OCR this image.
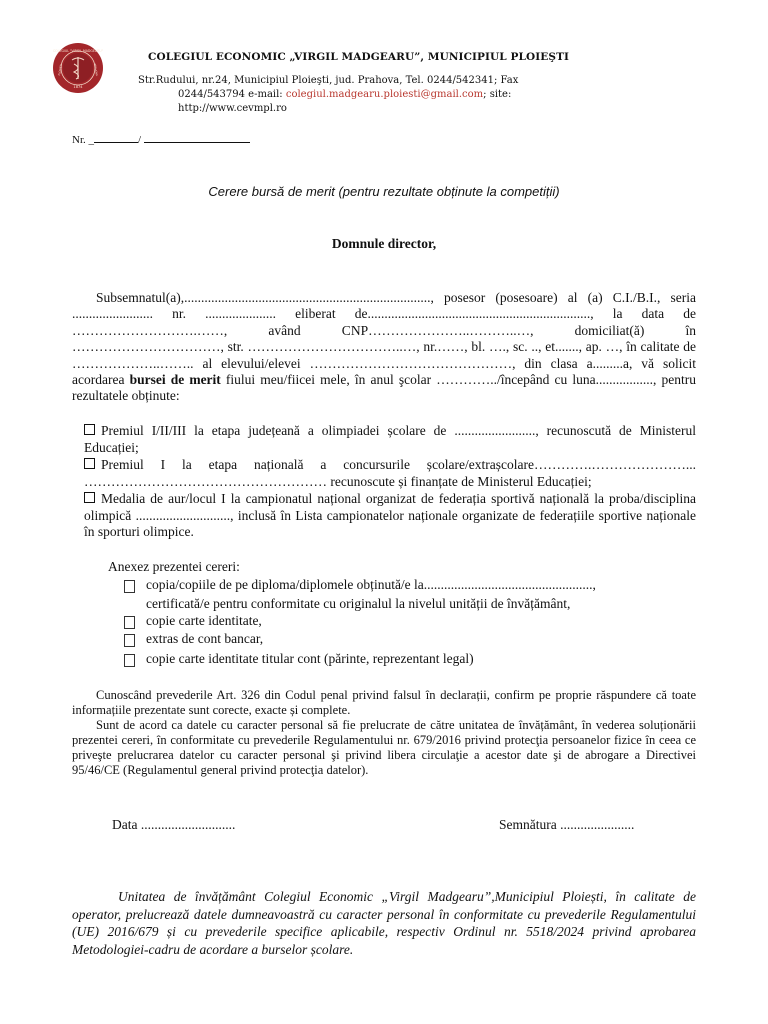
COLEGIUL "VIRGIL MADGEARU"
PLOIEŞTI	PRAHOVA
1874
COLEGIUL ECONOMIC „VIRGIL MADGEARU”, MUNICIPIUL PLOIEŞTI
Str.Rudului, nr.24, Municipiul Ploieşti, jud. Prahova, Tel. 0244/542341; Fax
0244/543794 e-mail: colegiul.madgearu.ploiesti@gmail.com; site:
http://www.cevmpl.ro
Nr. _	/
Cerere bursă de merit (pentru rezultate obținute la competiții)
Domnule director,
Subsemnatul(a),........................................................................., posesor (posesoare) al (a) C.I./B.I., seria ........................ nr. ..................... eliberat de.................................................................., la data de ……………………….……, având CNP…………………..………..…, domiciliat(ă) în ……………………………, str. ……………………………..…, nr.……, bl. …., sc. .., et......., ap. …, în calitate de ………………..…….. al elevului/elevei ………………………………………, din clasa a.........a, vă solicit acordarea bursei de merit fiului meu/fiicei mele, în anul şcolar …………../începând cu luna................., pentru rezultatele obținute:
Premiul I/II/III la etapa județeană a olimpiadei școlare de ........................, recunoscută de Ministerul Educației;
Premiul I la etapa națională a concursurile școlare/extrașcolare………….…………………... ……………………………………………… recunoscute și finanțate de Ministerul Educației;
Medalia de aur/locul I la campionatul național organizat de federația sportivă națională la proba/disciplina olimpică ............................, inclusă în Lista campionatelor naționale organizate de federațiile sportive naționale în sporturi olimpice.
Anexez prezentei cereri:
copia/copiile de pe diploma/diplomele obținută/e la..................................................,
certificată/e pentru conformitate cu originalul la nivelul unității de învățământ,
copie carte identitate,
extras de cont bancar,
copie carte identitate titular cont (părinte, reprezentant legal)
Cunoscând prevederile Art. 326 din Codul penal privind falsul în declarații, confirm pe proprie răspundere că toate informațiile prezentate sunt corecte, exacte și complete.
Sunt de acord ca datele cu caracter personal să fie prelucrate de către unitatea de învățământ, în vederea soluționării prezentei cereri, în conformitate cu prevederile Regulamentului nr. 679/2016 privind protecţia persoanelor fizice în ceea ce priveşte prelucrarea datelor cu caracter personal şi privind libera circulaţie a acestor date şi de abrogare a Directivei 95/46/CE (Regulamentul general privind protecţia datelor).
Data ............................	Semnătura ......................
Unitatea de învățământ Colegiul Economic „Virgil Madgearu”,Municipiul Ploiești, în calitate de operator, prelucrează datele dumneavoastră cu caracter personal în conformitate cu prevederile Regulamentului (UE) 2016/679 și cu prevederile specifice aplicabile, respectiv Ordinul nr. 5518/2024 privind aprobarea Metodologiei-cadru de acordare a burselor școlare.
